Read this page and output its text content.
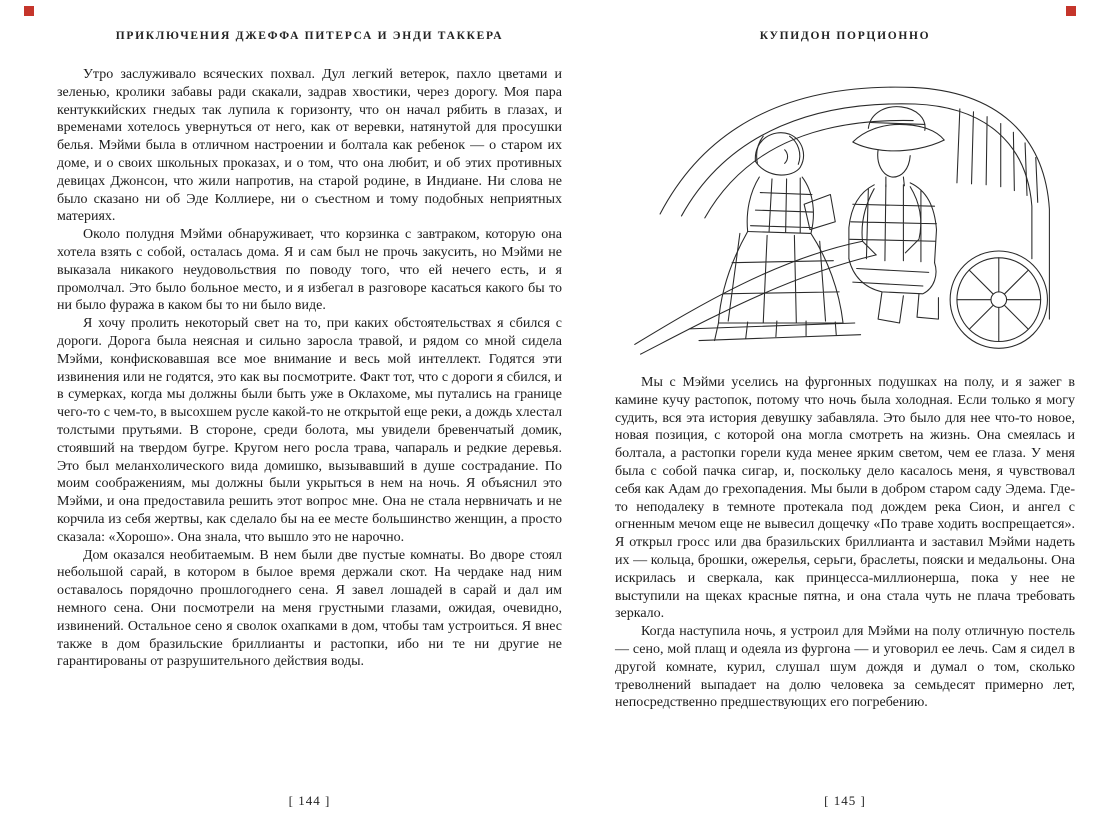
ПРИКЛЮЧЕНИЯ ДЖЕФФА ПИТЕРСА И ЭНДИ ТАККЕРА

Утро заслуживало всяческих похвал. Дул легкий ветерок, пахло цветами и зеленью, кролики забавы ради скакали, задрав хвостики, через дорогу. Моя пара кентуккийских гнедых так лупила к горизонту, что он начал рябить в глазах, и временами хотелось увернуться от него, как от веревки, натянутой для просушки белья. Мэйми была в отличном настроении и болтала как ребенок — о старом их доме, и о своих школьных проказах, и о том, что она любит, и об этих противных девицах Джонсон, что жили напротив, на старой родине, в Индиане. Ни слова не было сказано ни об Эде Коллиере, ни о съестном и тому подобных неприятных материях.

Около полудня Мэйми обнаруживает, что корзинка с завтраком, которую она хотела взять с собой, осталась дома. Я и сам был не прочь закусить, но Мэйми не выказала никакого неудовольствия по поводу того, что ей нечего есть, и я промолчал. Это было больное место, и я избегал в разговоре касаться какого бы то ни было фуража в каком бы то ни было виде.

Я хочу пролить некоторый свет на то, при каких обстоятельствах я сбился с дороги. Дорога была неясная и сильно заросла травой, и рядом со мной сидела Мэйми, конфисковавшая все мое внимание и весь мой интеллект. Годятся эти извинения или не годятся, это как вы посмотрите. Факт тот, что с дороги я сбился, и в сумерках, когда мы должны были быть уже в Оклахоме, мы путались на границе чего-то с чем-то, в высохшем русле какой-то не открытой еще реки, а дождь хлестал толстыми прутьями. В стороне, среди болота, мы увидели бревенчатый домик, стоявший на твердом бугре. Кругом него росла трава, чапараль и редкие деревья. Это был меланхолического вида домишко, вызывавший в душе сострадание. По моим соображениям, мы должны были укрыться в нем на ночь. Я объяснил это Мэйми, и она предоставила решить этот вопрос мне. Она не стала нервничать и не корчила из себя жертвы, как сделало бы на ее месте большинство женщин, а просто сказала: «Хорошо». Она знала, что вышло это не нарочно.

Дом оказался необитаемым. В нем были две пустые комнаты. Во дворе стоял небольшой сарай, в котором в былое время держали скот. На чердаке над ним оставалось порядочно прошлогоднего сена. Я завел лошадей в сарай и дал им немного сена. Они посмотрели на меня грустными глазами, ожидая, очевидно, извинений. Остальное сено я сволок охапками в дом, чтобы там устроиться. Я внес также в дом бразильские бриллианты и растопки, ибо ни те ни другие не гарантированы от разрушительного действия воды.

[ 144 ]
КУПИДОН ПОРЦИОННО

Мы с Мэйми уселись на фургонных подушках на полу, и я зажег в камине кучу растопок, потому что ночь была холодная. Если только я могу судить, вся эта история девушку забавляла. Это было для нее что-то новое, новая позиция, с которой она могла смотреть на жизнь. Она смеялась и болтала, а растопки горели куда менее ярким светом, чем ее глаза. У меня была с собой пачка сигар, и, поскольку дело касалось меня, я чувствовал себя как Адам до грехопадения. Мы были в добром старом саду Эдема. Где-то неподалеку в темноте протекала под дождем река Сион, и ангел с огненным мечом еще не вывесил дощечку «По траве ходить воспрещается». Я открыл гросс или два бразильских бриллианта и заставил Мэйми надеть их — кольца, брошки, ожерелья, серьги, браслеты, пояски и медальоны. Она искрилась и сверкала, как принцесса-миллионерша, пока у нее не выступили на щеках красные пятна, и она стала чуть не плача требовать зеркало.

Когда наступила ночь, я устроил для Мэйми на полу отличную постель — сено, мой плащ и одеяла из фургона — и уговорил ее лечь. Сам я сидел в другой комнате, курил, слушал шум дождя и думал о том, сколько треволнений выпадает на долю человека за семьдесят примерно лет, непосредственно предшествующих его погребению.

[ 145 ]
